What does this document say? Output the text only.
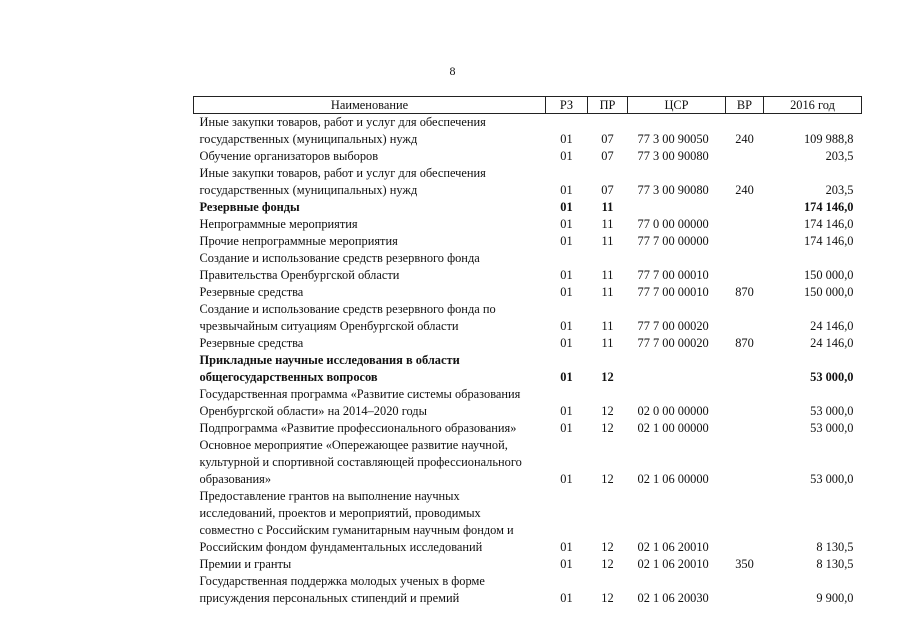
8
Наименование	РЗ	ПР	ЦСР	ВР	2016 год

Иные закупки товаров, работ и услуг для обеспечения
государственных (муниципальных) нужд	01	07	77 3 00 90050	240	109 988,8

Обучение организаторов выборов	01	07	77 3 00 90080		203,5

Иные закупки товаров, работ и услуг для обеспечения
государственных (муниципальных) нужд	01	07	77 3 00 90080	240	203,5

Резервные фонды	01	11			174 146,0

Непрограммные мероприятия	01	11	77 0 00 00000		174 146,0

Прочие непрограммные мероприятия	01	11	77 7 00 00000		174 146,0

Создание и использование средств резервного фонда
Правительства Оренбургской области	01	11	77 7 00 00010		150 000,0

Резервные средства	01	11	77 7 00 00010	870	150 000,0

Создание и использование средств резервного фонда по
чрезвычайным ситуациям Оренбургской области	01	11	77 7 00 00020		24 146,0

Резервные средства	01	11	77 7 00 00020	870	24 146,0

Прикладные научные исследования в области
общегосударственных вопросов	01	12			53 000,0

Государственная программа «Развитие системы образования
Оренбургской области» на 2014–2020 годы	01	12	02 0 00 00000		53 000,0

Подпрограмма «Развитие профессионального образования»	01	12	02 1 00 00000		53 000,0

Основное мероприятие «Опережающее развитие научной,
культурной и спортивной составляющей профессионального
образования»	01	12	02 1 06 00000		53 000,0

Предоставление грантов на выполнение научных
исследований, проектов и мероприятий, проводимых
совместно с Российским гуманитарным научным фондом и
Российским фондом фундаментальных исследований	01	12	02 1 06 20010		8 130,5

Премии и гранты	01	12	02 1 06 20010	350	8 130,5

Государственная поддержка молодых ученых в форме
присуждения персональных стипендий и премий	01	12	02 1 06 20030		9 900,0
